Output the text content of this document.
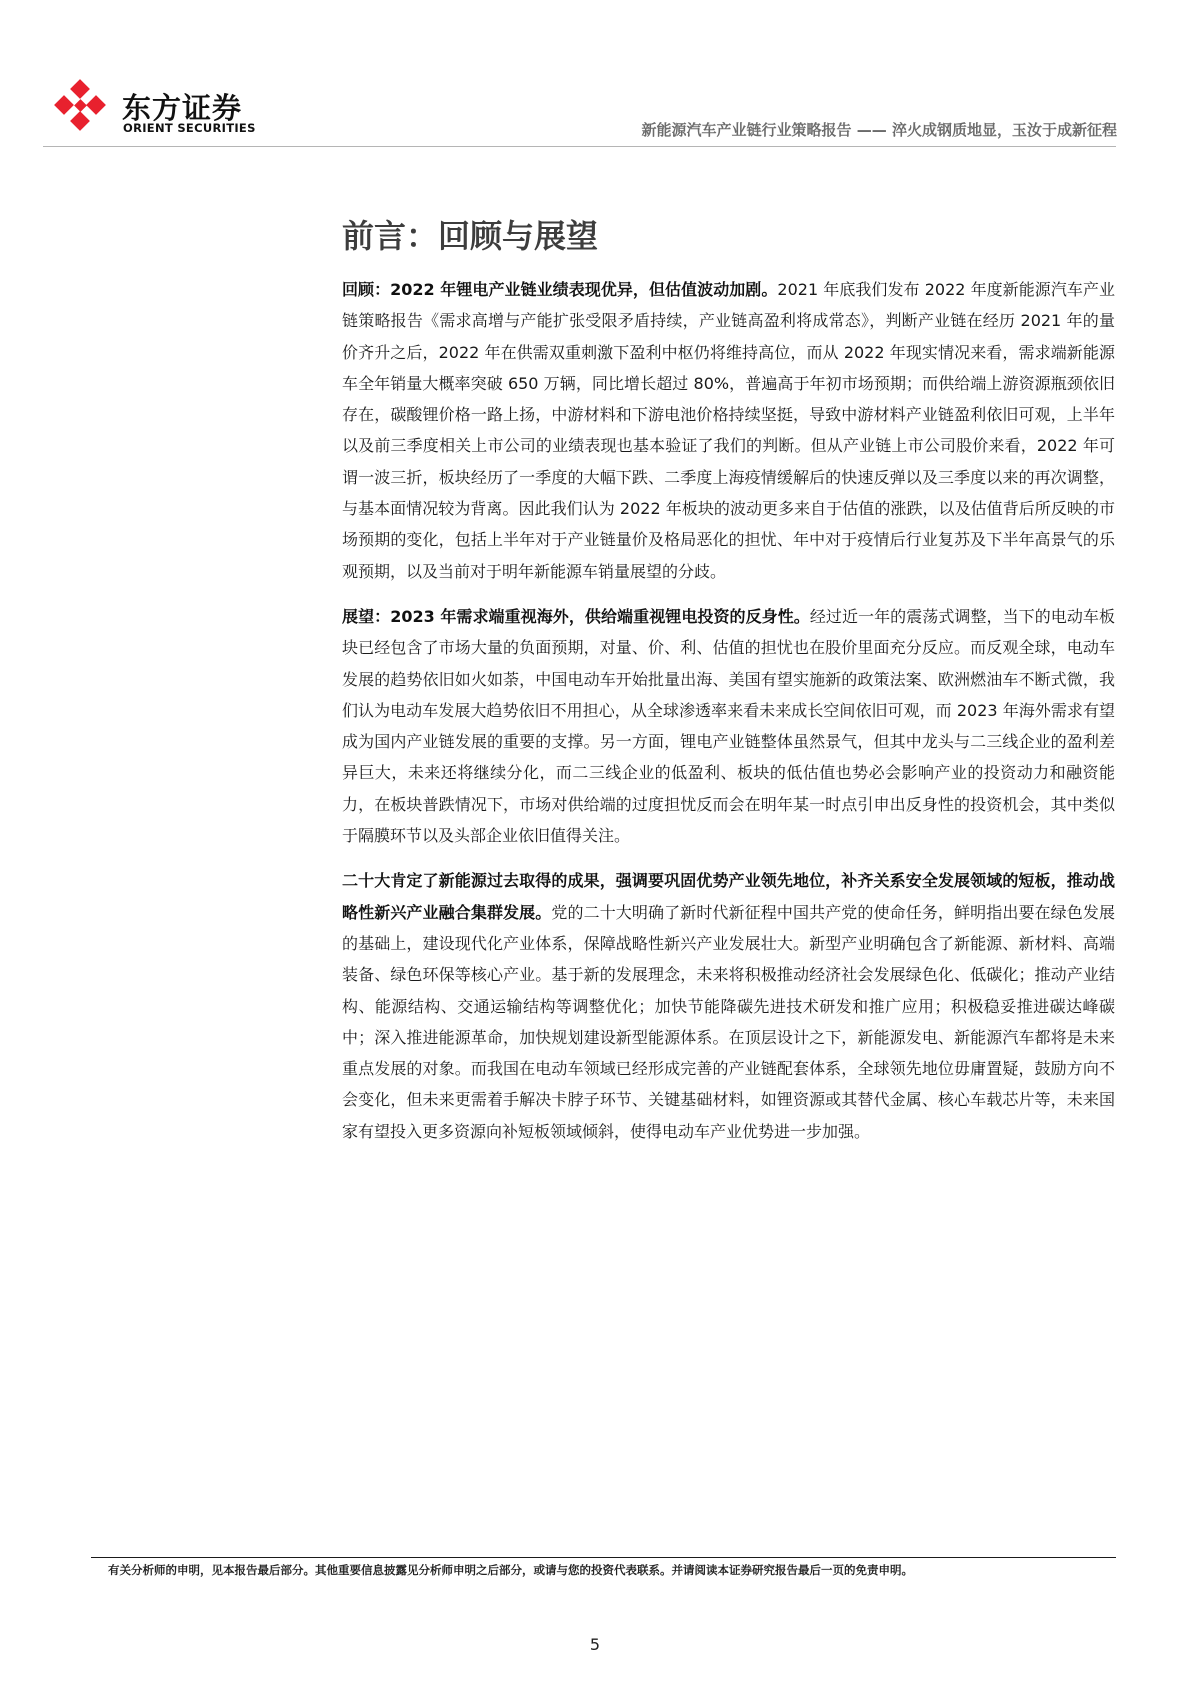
东方证券
ORIENT SECURITIES	新能源汽车产业链行业策略报告 —— 淬火成钢质地显，玉汝于成新征程
前言：回顾与展望

回顾：2022 年锂电产业链业绩表现优异，但估值波动加剧。2021 年底我们发布 2022 年度新能源汽车产业链策略报告《需求高增与产能扩张受限矛盾持续，产业链高盈利将成常态》，判断产业链在经历 2021 年的量价齐升之后，2022 年在供需双重刺激下盈利中枢仍将维持高位，而从 2022 年现实情况来看，需求端新能源车全年销量大概率突破 650 万辆，同比增长超过 80%，普遍高于年初市场预期；而供给端上游资源瓶颈依旧存在，碳酸锂价格一路上扬，中游材料和下游电池价格持续坚挺，导致中游材料产业链盈利依旧可观，上半年以及前三季度相关上市公司的业绩表现也基本验证了我们的判断。但从产业链上市公司股价来看，2022 年可谓一波三折，板块经历了一季度的大幅下跌、二季度上海疫情缓解后的快速反弹以及三季度以来的再次调整，与基本面情况较为背离。因此我们认为 2022 年板块的波动更多来自于估值的涨跌，以及估值背后所反映的市场预期的变化，包括上半年对于产业链量价及格局恶化的担忧、年中对于疫情后行业复苏及下半年高景气的乐观预期，以及当前对于明年新能源车销量展望的分歧。

展望：2023 年需求端重视海外，供给端重视锂电投资的反身性。经过近一年的震荡式调整，当下的电动车板块已经包含了市场大量的负面预期，对量、价、利、估值的担忧也在股价里面充分反应。而反观全球，电动车发展的趋势依旧如火如荼，中国电动车开始批量出海、美国有望实施新的政策法案、欧洲燃油车不断式微，我们认为电动车发展大趋势依旧不用担心，从全球渗透率来看未来成长空间依旧可观，而 2023 年海外需求有望成为国内产业链发展的重要的支撑。另一方面，锂电产业链整体虽然景气，但其中龙头与二三线企业的盈利差异巨大，未来还将继续分化，而二三线企业的低盈利、板块的低估值也势必会影响产业的投资动力和融资能力，在板块普跌情况下，市场对供给端的过度担忧反而会在明年某一时点引申出反身性的投资机会，其中类似于隔膜环节以及头部企业依旧值得关注。

二十大肯定了新能源过去取得的成果，强调要巩固优势产业领先地位，补齐关系安全发展领域的短板，推动战略性新兴产业融合集群发展。党的二十大明确了新时代新征程中国共产党的使命任务，鲜明指出要在绿色发展的基础上，建设现代化产业体系，保障战略性新兴产业发展壮大。新型产业明确包含了新能源、新材料、高端装备、绿色环保等核心产业。基于新的发展理念，未来将积极推动经济社会发展绿色化、低碳化；推动产业结构、能源结构、交通运输结构等调整优化；加快节能降碳先进技术研发和推广应用；积极稳妥推进碳达峰碳中；深入推进能源革命，加快规划建设新型能源体系。在顶层设计之下，新能源发电、新能源汽车都将是未来重点发展的对象。而我国在电动车领域已经形成完善的产业链配套体系，全球领先地位毋庸置疑，鼓励方向不会变化，但未来更需着手解决卡脖子环节、关键基础材料，如锂资源或其替代金属、核心车载芯片等，未来国家有望投入更多资源向补短板领域倾斜，使得电动车产业优势进一步加强。

有关分析师的申明，见本报告最后部分。其他重要信息披露见分析师申明之后部分，或请与您的投资代表联系。并请阅读本证券研究报告最后一页的免责申明。
5
